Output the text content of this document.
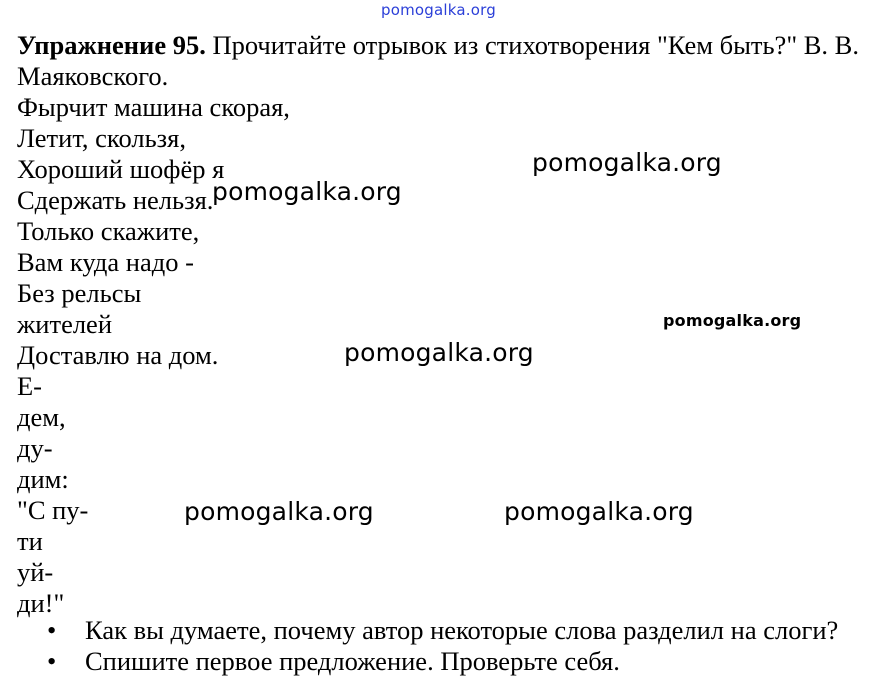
pomogalka.org
Упражнение 95. Прочитайте отрывок из стихотворения "Кем быть?" В. В.
Маяковского.
Фырчит машина скорая,
Летит, скользя,
Хороший шофёр я
Сдержать нельзя.
Только скажите,
Вам куда надо -
Без рельсы
жителей
Доставлю на дом.
Е-
дем,
ду-
дим:
"С пу-
ти
уй-
ди!"
• Как вы думаете, почему автор некоторые слова разделил на слоги?
• Спишите первое предложение. Проверьте себя.
pomogalka.org
pomogalka.org
pomogalka.org
pomogalka.org
pomogalka.org	pomogalka.org
